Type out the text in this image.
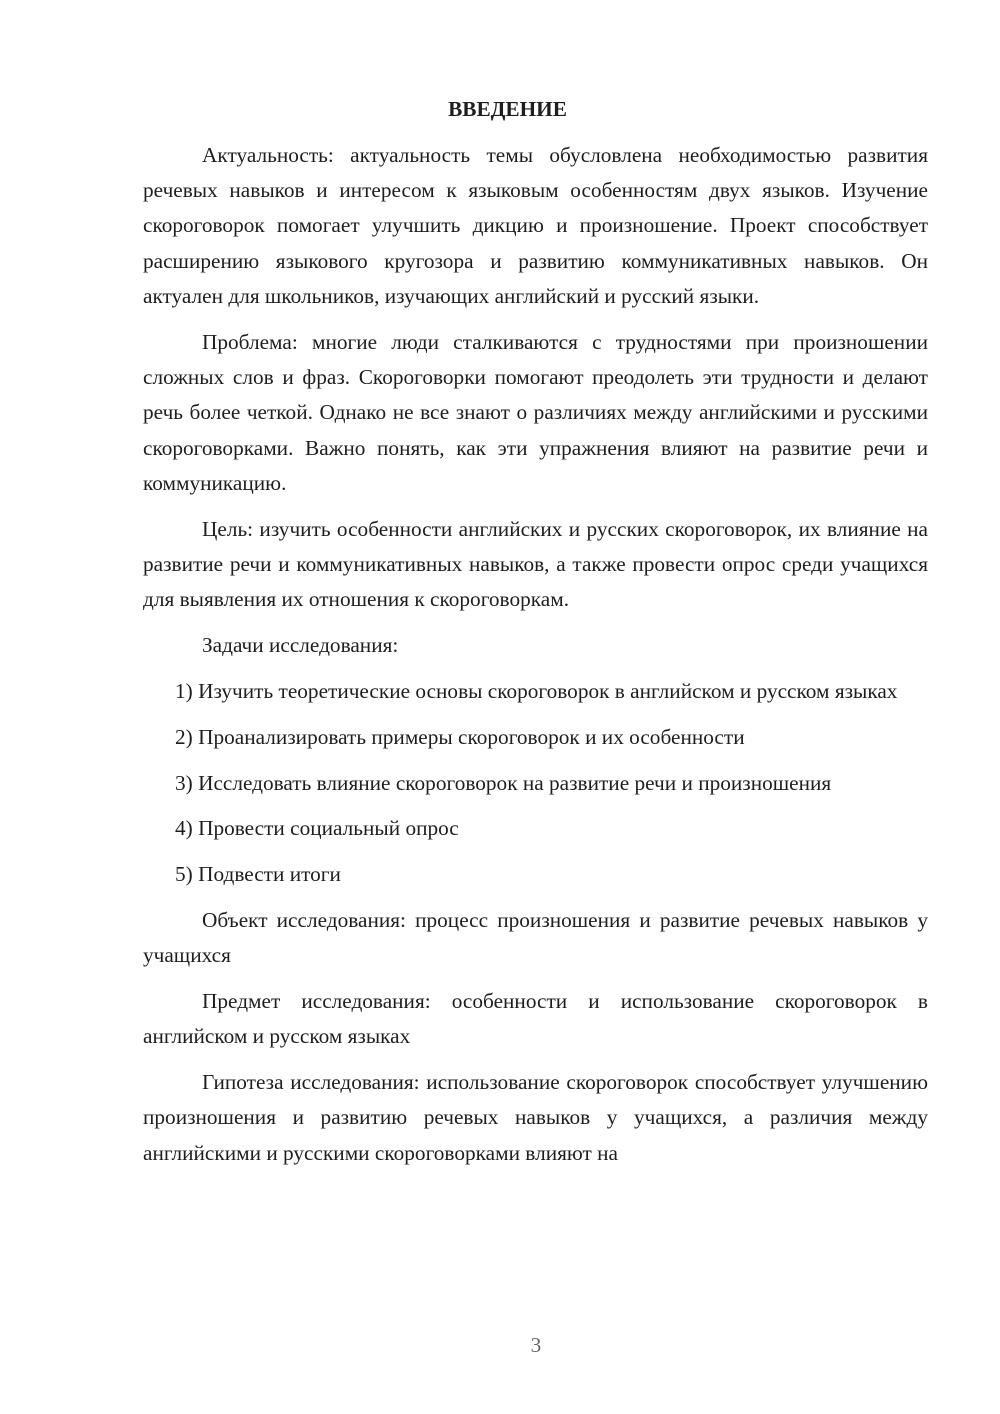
ВВЕДЕНИЕ
Актуальность: актуальность темы обусловлена необходимостью развития речевых навыков и интересом к языковым особенностям двух языков. Изучение скороговорок помогает улучшить дикцию и произношение. Проект способствует расширению языкового кругозора и развитию коммуникативных навыков. Он актуален для школьников, изучающих английский и русский языки.
Проблема: многие люди сталкиваются с трудностями при произношении сложных слов и фраз. Скороговорки помогают преодолеть эти трудности и делают речь более четкой. Однако не все знают о различиях между английскими и русскими скороговорками. Важно понять, как эти упражнения влияют на развитие речи и коммуникацию.
Цель: изучить особенности английских и русских скороговорок, их влияние на развитие речи и коммуникативных навыков, а также провести опрос среди учащихся для выявления их отношения к скороговоркам.
Задачи исследования:
1) Изучить теоретические основы скороговорок в английском и русском языках
2) Проанализировать примеры скороговорок и их особенности
3) Исследовать влияние скороговорок на развитие речи и произношения
4) Провести социальный опрос
5) Подвести итоги
Объект исследования: процесс произношения и развитие речевых навыков у учащихся
Предмет исследования: особенности и использование скороговорок в английском и русском языках
Гипотеза исследования: использование скороговорок способствует улучшению произношения и развитию речевых навыков у учащихся, а различия между английскими и русскими скороговорками влияют на
3
